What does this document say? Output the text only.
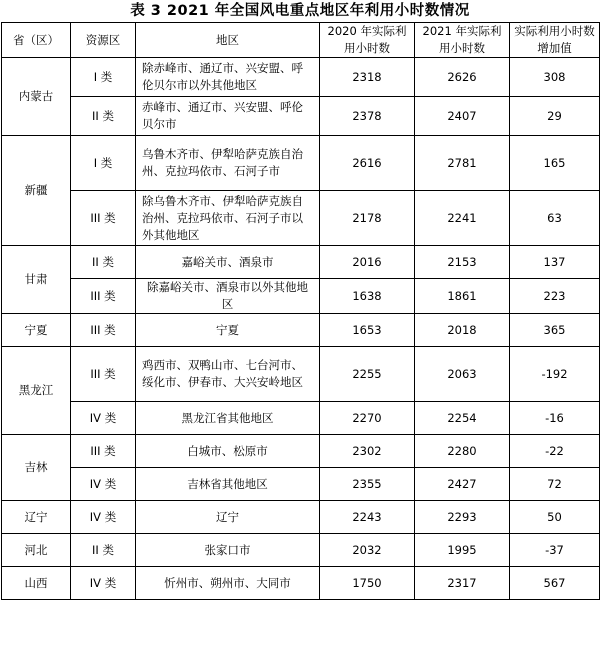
表 3 2021 年全国风电重点地区年利用小时数情况
省（区）	资源区	地区	2020 年实际利用小时数	2021 年实际利用小时数	实际利用小时数增加值
内蒙古	I 类	除赤峰市、通辽市、兴安盟、呼伦贝尔市以外其他地区	2318	2626	308
	II 类	赤峰市、通辽市、兴安盟、呼伦贝尔市	2378	2407	29
新疆	I 类	乌鲁木齐市、伊犁哈萨克族自治州、克拉玛依市、石河子市	2616	2781	165
	III 类	除乌鲁木齐市、伊犁哈萨克族自治州、克拉玛依市、石河子市以外其他地区	2178	2241	63
甘肃	II 类	嘉峪关市、酒泉市	2016	2153	137
	III 类	除嘉峪关市、酒泉市以外其他地区	1638	1861	223
宁夏	III 类	宁夏	1653	2018	365
黑龙江	III 类	鸡西市、双鸭山市、七台河市、绥化市、伊春市、大兴安岭地区	2255	2063	-192
	IV 类	黑龙江省其他地区	2270	2254	-16
吉林	III 类	白城市、松原市	2302	2280	-22
	IV 类	吉林省其他地区	2355	2427	72
辽宁	IV 类	辽宁	2243	2293	50
河北	II 类	张家口市	2032	1995	-37
山西	IV 类	忻州市、朔州市、大同市	1750	2317	567
